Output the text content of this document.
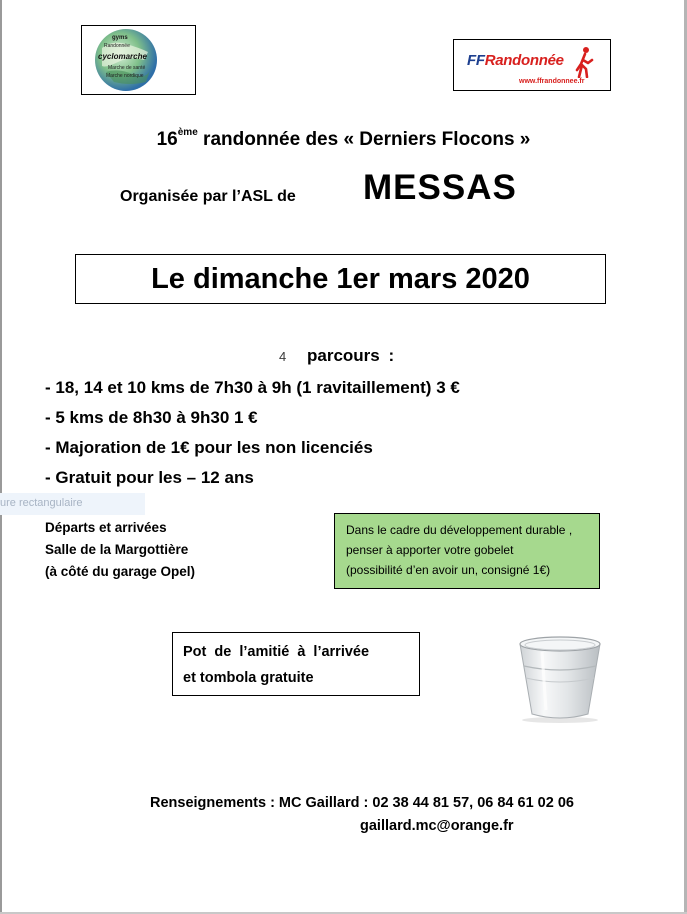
gyms
Randonnée
cyclomarche
Marche de santé
Marche nordique
FFRandonnée
www.ffrandonnee.fr
16ème randonnée des « Derniers Flocons »
Organisée par l’ASL de MESSAS
Le dimanche 1er mars 2020
4 parcours :
- 18, 14 et 10 kms de 7h30 à 9h (1 ravitaillement) 3 €
- 5 kms de 8h30 à 9h30 1 €
- Majoration de 1€ pour les non licenciés
- Gratuit pour les – 12 ans
ure rectangulaire
Départs et arrivées
Salle de la Margottière
(à côté du garage Opel)
Dans le cadre du développement durable ,
penser à apporter votre gobelet
(possibilité d’en avoir un, consigné 1€)
Pot de l’amitié à l’arrivée
et tombola gratuite
Renseignements : MC Gaillard : 02 38 44 81 57, 06 84 61 02 06
gaillard.mc@orange.fr
